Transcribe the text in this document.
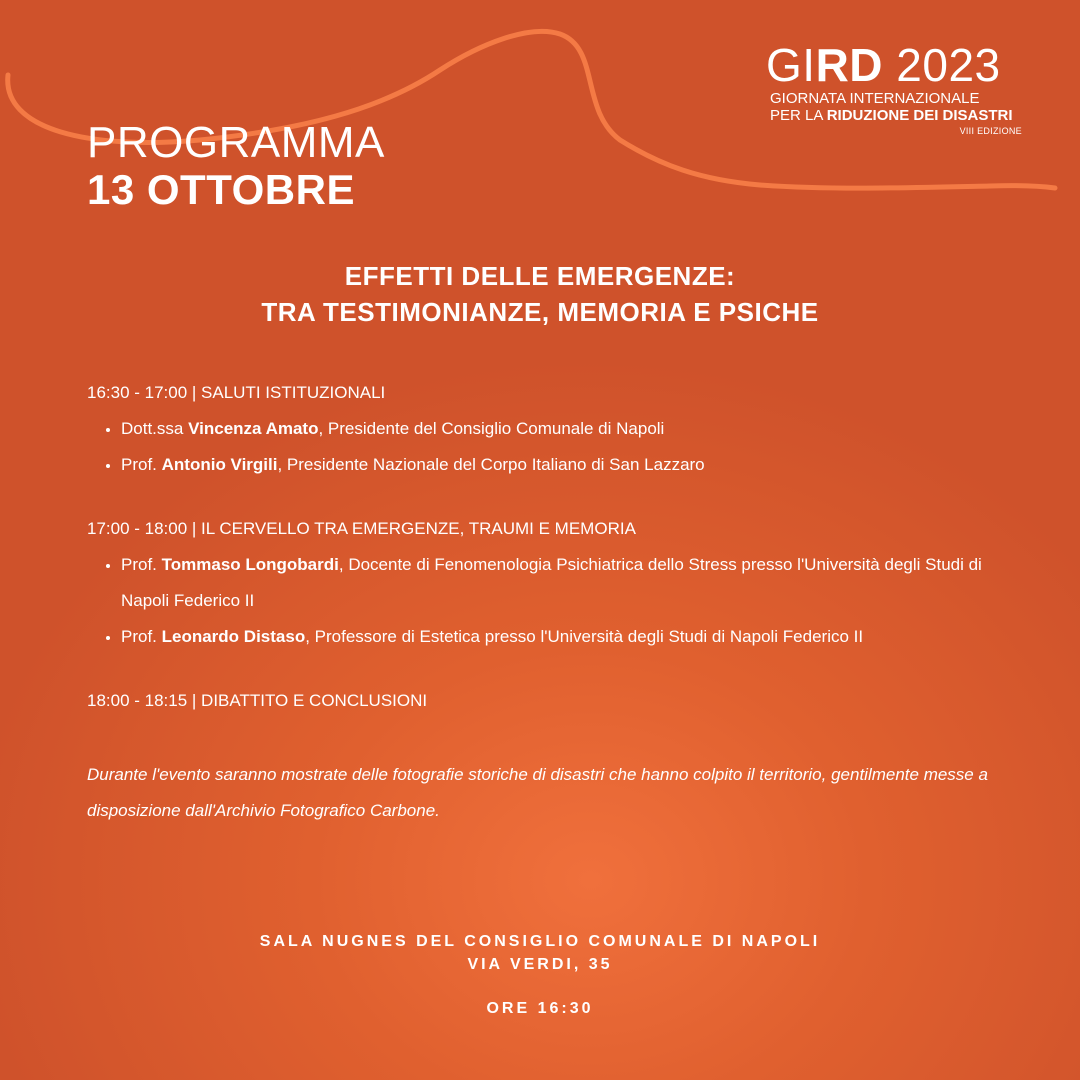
GIRD 2023
GIORNATA INTERNAZIONALE
PER LA RIDUZIONE DEI DISASTRI
VIII EDIZIONE
PROGRAMMA
13 OTTOBRE
EFFETTI DELLE EMERGENZE:
TRA TESTIMONIANZE, MEMORIA E PSICHE
16:30 - 17:00 | SALUTI ISTITUZIONALI
• Dott.ssa Vincenza Amato, Presidente del Consiglio Comunale di Napoli
• Prof. Antonio Virgili, Presidente Nazionale del Corpo Italiano di San Lazzaro
17:00 - 18:00 | IL CERVELLO TRA EMERGENZE, TRAUMI E MEMORIA
• Prof. Tommaso Longobardi, Docente di Fenomenologia Psichiatrica dello Stress presso l'Università degli Studi di Napoli Federico II
• Prof. Leonardo Distaso, Professore di Estetica presso l'Università degli Studi di Napoli Federico II
18:00 - 18:15 | DIBATTITO E CONCLUSIONI
Durante l'evento saranno mostrate delle fotografie storiche di disastri che hanno colpito il territorio, gentilmente messe a disposizione dall'Archivio Fotografico Carbone.
SALA NUGNES DEL CONSIGLIO COMUNALE DI NAPOLI
VIA VERDI, 35
ORE 16:30
